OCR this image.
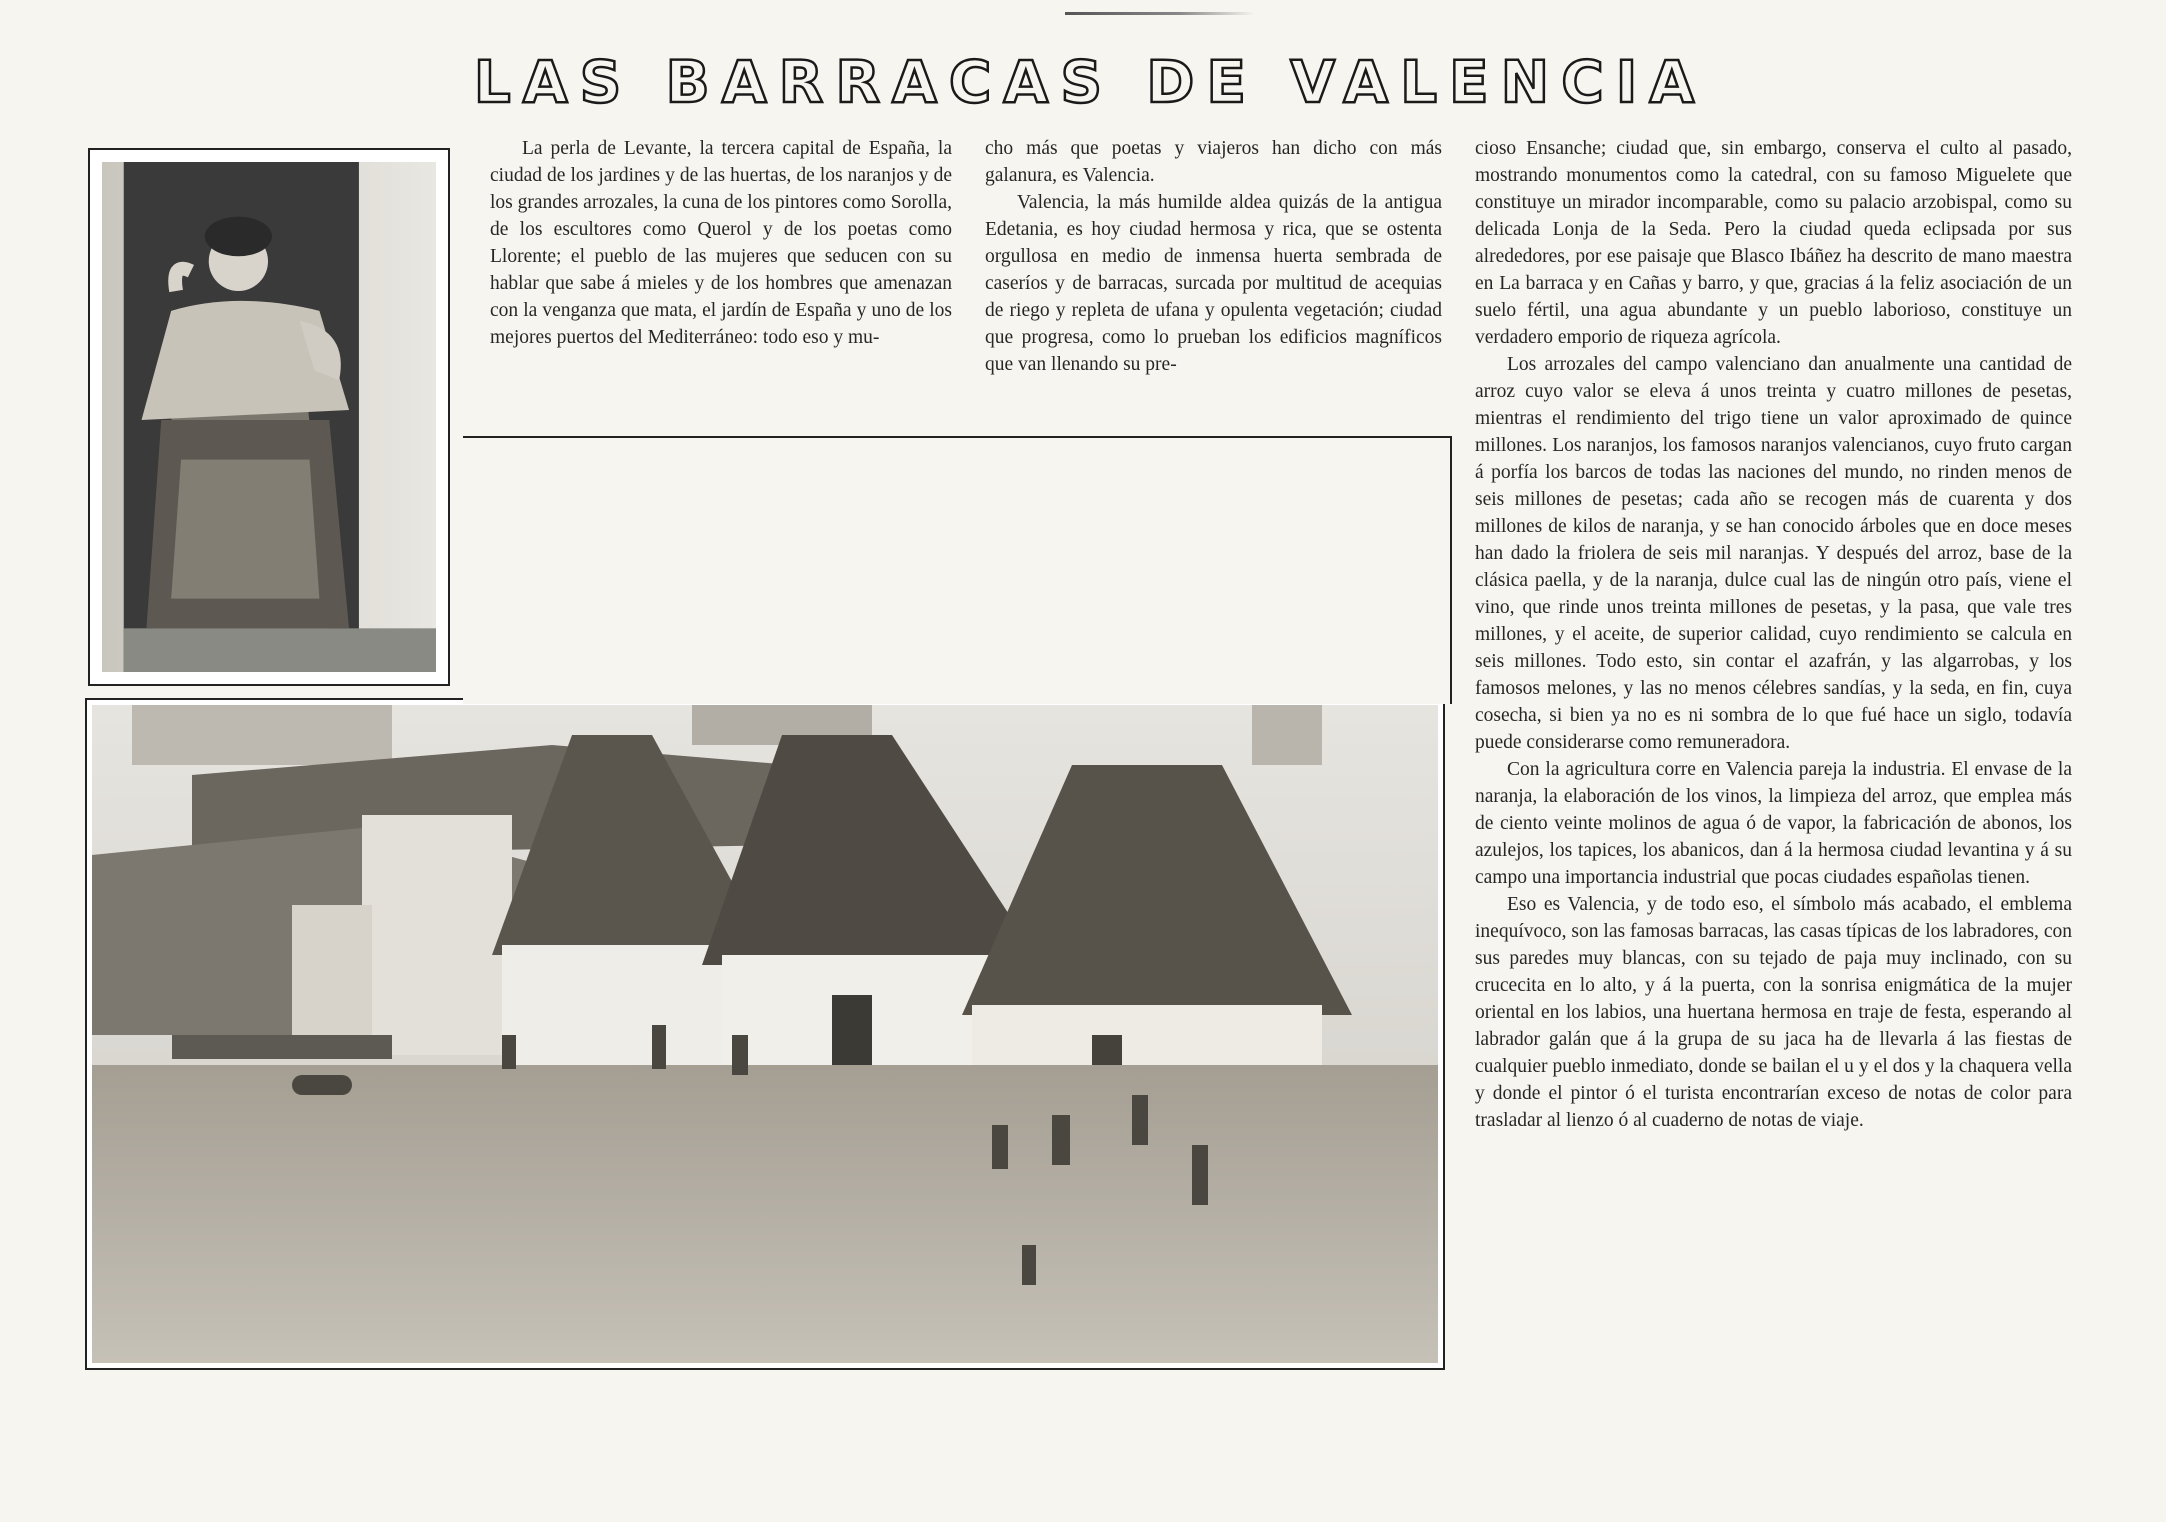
LAS BARRACAS DE VALENCIA

La perla de Levante, la tercera capital de España, la ciudad de los jardines y de las huertas, de los naranjos y de los grandes arrozales, la cuna de los pintores como Sorolla, de los escultores como Querol y de los poetas como Llorente; el pueblo de las mujeres que seducen con su hablar que sabe á mieles y de los hombres que amenazan con la venganza que mata, el jardín de España y uno de los mejores puertos del Mediterráneo: todo eso y mu-

cho más que poetas y viajeros han dicho con más galanura, es Valencia.

Valencia, la más humilde aldea quizás de la antigua Edetania, es hoy ciudad hermosa y rica, que se ostenta orgullosa en medio de inmensa huerta sembrada de caseríos y de barracas, surcada por multitud de acequias de riego y repleta de ufana y opulenta vegetación; ciudad que progresa, como lo prueban los edificios magníficos que van llenando su pre-

cioso Ensanche; ciudad que, sin embargo, conserva el culto al pasado, mostrando monumentos como la catedral, con su famoso Miguelete que constituye un mirador incomparable, como su palacio arzobispal, como su delicada Lonja de la Seda. Pero la ciudad queda eclipsada por sus alrededores, por ese paisaje que Blasco Ibáñez ha descrito de mano maestra en La barraca y en Cañas y barro, y que, gracias á la feliz asociación de un suelo fértil, una agua abundante y un pueblo laborioso, constituye un verdadero emporio de riqueza agrícola.

Los arrozales del campo valenciano dan anualmente una cantidad de arroz cuyo valor se eleva á unos treinta y cuatro millones de pesetas, mientras el rendimiento del trigo tiene un valor aproximado de quince millones. Los naranjos, los famosos naranjos valencianos, cuyo fruto cargan á porfía los barcos de todas las naciones del mundo, no rinden menos de seis millones de pesetas; cada año se recogen más de cuarenta y dos millones de kilos de naranja, y se han conocido árboles que en doce meses han dado la friolera de seis mil naranjas. Y después del arroz, base de la clásica paella, y de la naranja, dulce cual las de ningún otro país, viene el vino, que rinde unos treinta millones de pesetas, y la pasa, que vale tres millones, y el aceite, de superior calidad, cuyo rendimiento se calcula en seis millones. Todo esto, sin contar el azafrán, y las algarrobas, y los famosos melones, y las no menos célebres sandías, y la seda, en fin, cuya cosecha, si bien ya no es ni sombra de lo que fué hace un siglo, todavía puede considerarse como remuneradora.

Con la agricultura corre en Valencia pareja la industria. El envase de la naranja, la elaboración de los vinos, la limpieza del arroz, que emplea más de ciento veinte molinos de agua ó de vapor, la fabricación de abonos, los azulejos, los tapices, los abanicos, dan á la hermosa ciudad levantina y á su campo una importancia industrial que pocas ciudades españolas tienen.

Eso es Valencia, y de todo eso, el símbolo más acabado, el emblema inequívoco, son las famosas barracas, las casas típicas de los labradores, con sus paredes muy blancas, con su tejado de paja muy inclinado, con su crucecita en lo alto, y á la puerta, con la sonrisa enigmática de la mujer oriental en los labios, una huertana hermosa en traje de festa, esperando al labrador galán que á la grupa de su jaca ha de llevarla á las fiestas de cualquier pueblo inmediato, donde se bailan el u y el dos y la chaquera vella y donde el pintor ó el turista encontrarían exceso de notas de color para trasladar al lienzo ó al cuaderno de notas de viaje.
